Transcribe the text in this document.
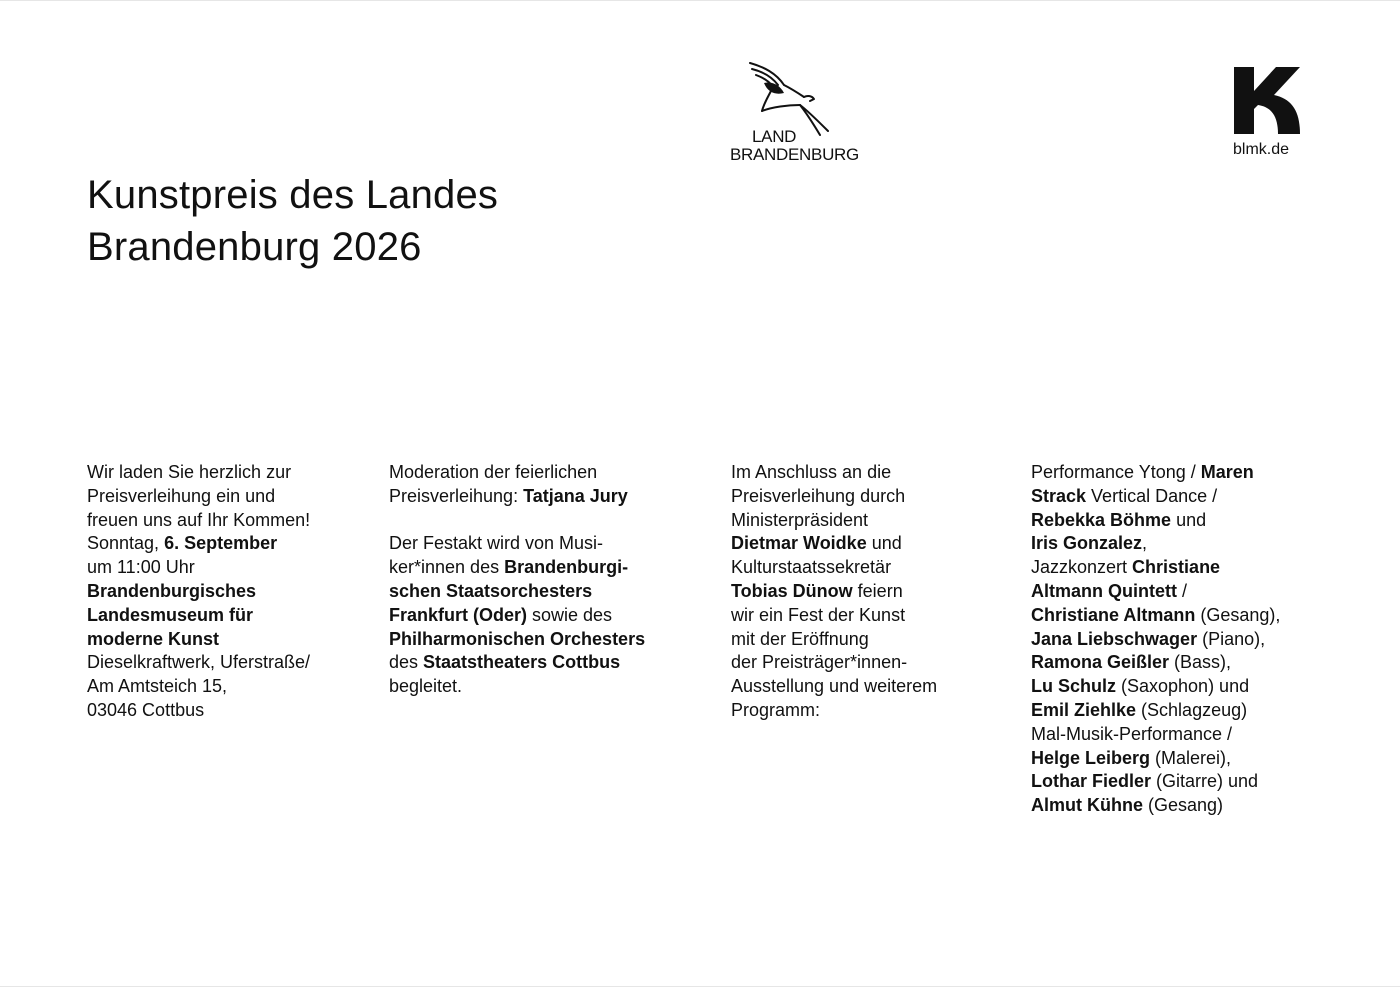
Kunstpreis des Landes
Brandenburg 2026
LAND
BRANDENBURG	blmk.de
Wir laden Sie herzlich zur
Preisverleihung ein und
freuen uns auf Ihr Kommen!
Sonntag, 6. September
um 11:00 Uhr
Brandenburgisches
Landesmuseum für
moderne Kunst
Dieselkraftwerk, Uferstraße/
Am Amtsteich 15,
03046 Cottbus
Moderation der feierlichen
Preisverleihung: Tatjana Jury
Der Festakt wird von Musi-
ker*innen des Brandenburgi-
schen Staatsorchesters
Frankfurt (Oder) sowie des
Philharmonischen Orchesters
des Staatstheaters Cottbus
begleitet.
Im Anschluss an die
Preisverleihung durch
Ministerpräsident
Dietmar Woidke und
Kulturstaatssekretär
Tobias Dünow feiern
wir ein Fest der Kunst
mit der Eröffnung
der Preisträger*innen-
Ausstellung und weiterem
Programm:
Performance Ytong / Maren
Strack Vertical Dance /
Rebekka Böhme und
Iris Gonzalez,
Jazzkonzert Christiane
Altmann Quintett /
Christiane Altmann (Gesang),
Jana Liebschwager (Piano),
Ramona Geißler (Bass),
Lu Schulz (Saxophon) und
Emil Ziehlke (Schlagzeug)
Mal-Musik-Performance /
Helge Leiberg (Malerei),
Lothar Fiedler (Gitarre) und
Almut Kühne (Gesang)
